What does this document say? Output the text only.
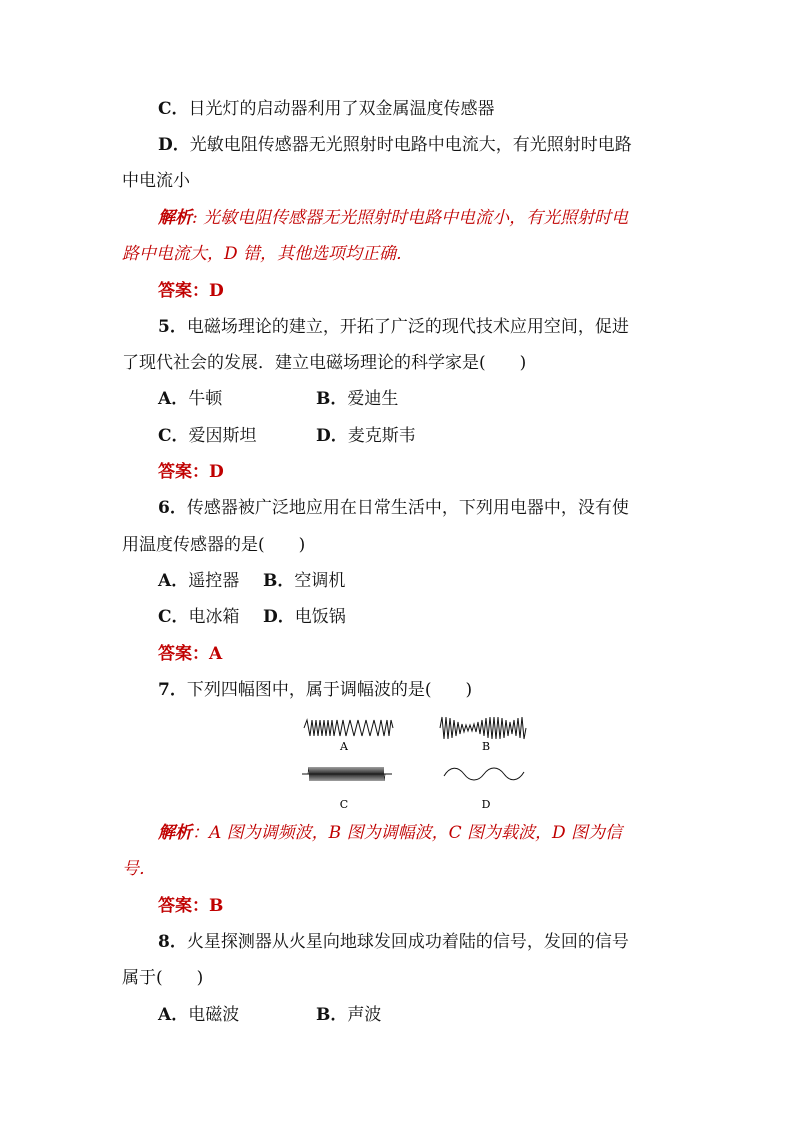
C．日光灯的启动器利用了双金属温度传感器
D．光敏电阻传感器无光照射时电路中电流大，有光照射时电路
中电流小
解析: 光敏电阻传感器无光照射时电路中电流小，有光照射时电
路中电流大，D 错，其他选项均正确．
答案：D
5．电磁场理论的建立，开拓了广泛的现代技术应用空间，促进
了现代社会的发展．建立电磁场理论的科学家是(　　)
A．牛顿	B．爱迪生
C．爱因斯坦	D．麦克斯韦
答案：D
6．传感器被广泛地应用在日常生活中，下列用电器中，没有使
用温度传感器的是(　　)
A．遥控器 B．空调机
C．电冰箱 D．电饭锅
答案：A
7．下列四幅图中，属于调幅波的是(　　)
A	B
C	D
解析：A 图为调频波，B 图为调幅波，C 图为载波，D 图为信
号．
答案：B
8．火星探测器从火星向地球发回成功着陆的信号，发回的信号
属于(　　)
A．电磁波	B．声波
